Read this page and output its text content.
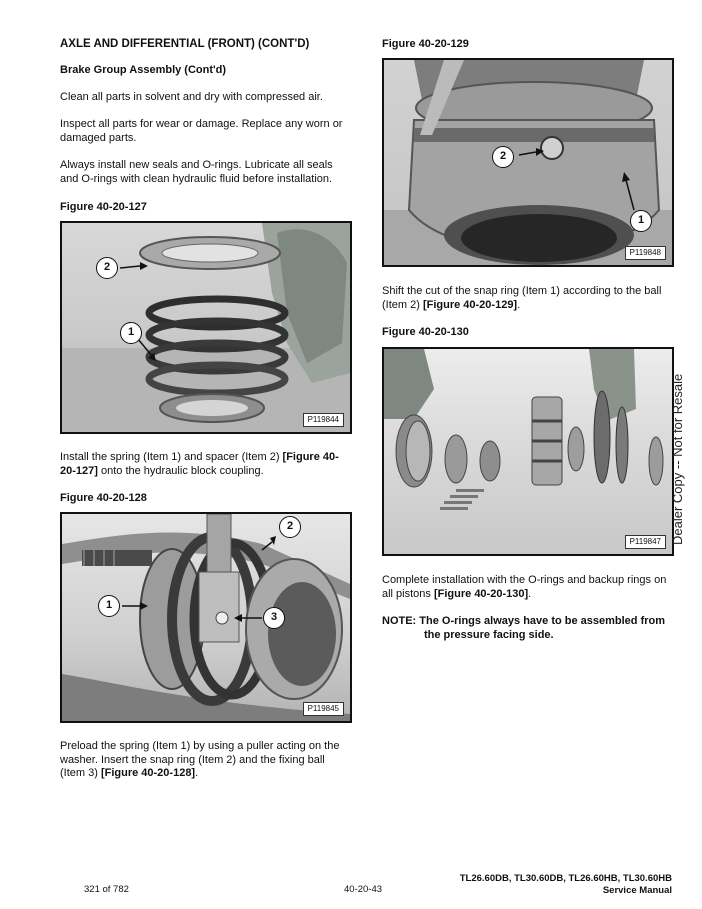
AXLE AND DIFFERENTIAL (FRONT) (CONT'D)
Brake Group Assembly (Cont'd)

Clean all parts in solvent and dry with compressed air.

Inspect all parts for wear or damage. Replace any worn or damaged parts.

Always install new seals and O-rings. Lubricate all seals and O-rings with clean hydraulic fluid before installation.

Figure 40-20-127
2
1
P119844

Install the spring (Item 1) and spacer (Item 2) [Figure 40-20-127] onto the hydraulic block coupling.

Figure 40-20-128
2
1
3
P119845

Preload the spring (Item 1) by using a puller acting on the washer. Insert the snap ring (Item 2) and the fixing ball (Item 3) [Figure 40-20-128].

Figure 40-20-129
2
1
P119848

Shift the cut of the snap ring (Item 1) according to the ball (Item 2) [Figure 40-20-129].

Figure 40-20-130
P119847

Complete installation with the O-rings and backup rings on all pistons [Figure 40-20-130].

NOTE: The O-rings always have to be assembled from the pressure facing side.

Dealer Copy -- Not for Resale
321 of 782	40-20-43
TL26.60DB, TL30.60DB, TL26.60HB, TL30.60HB
Service Manual
